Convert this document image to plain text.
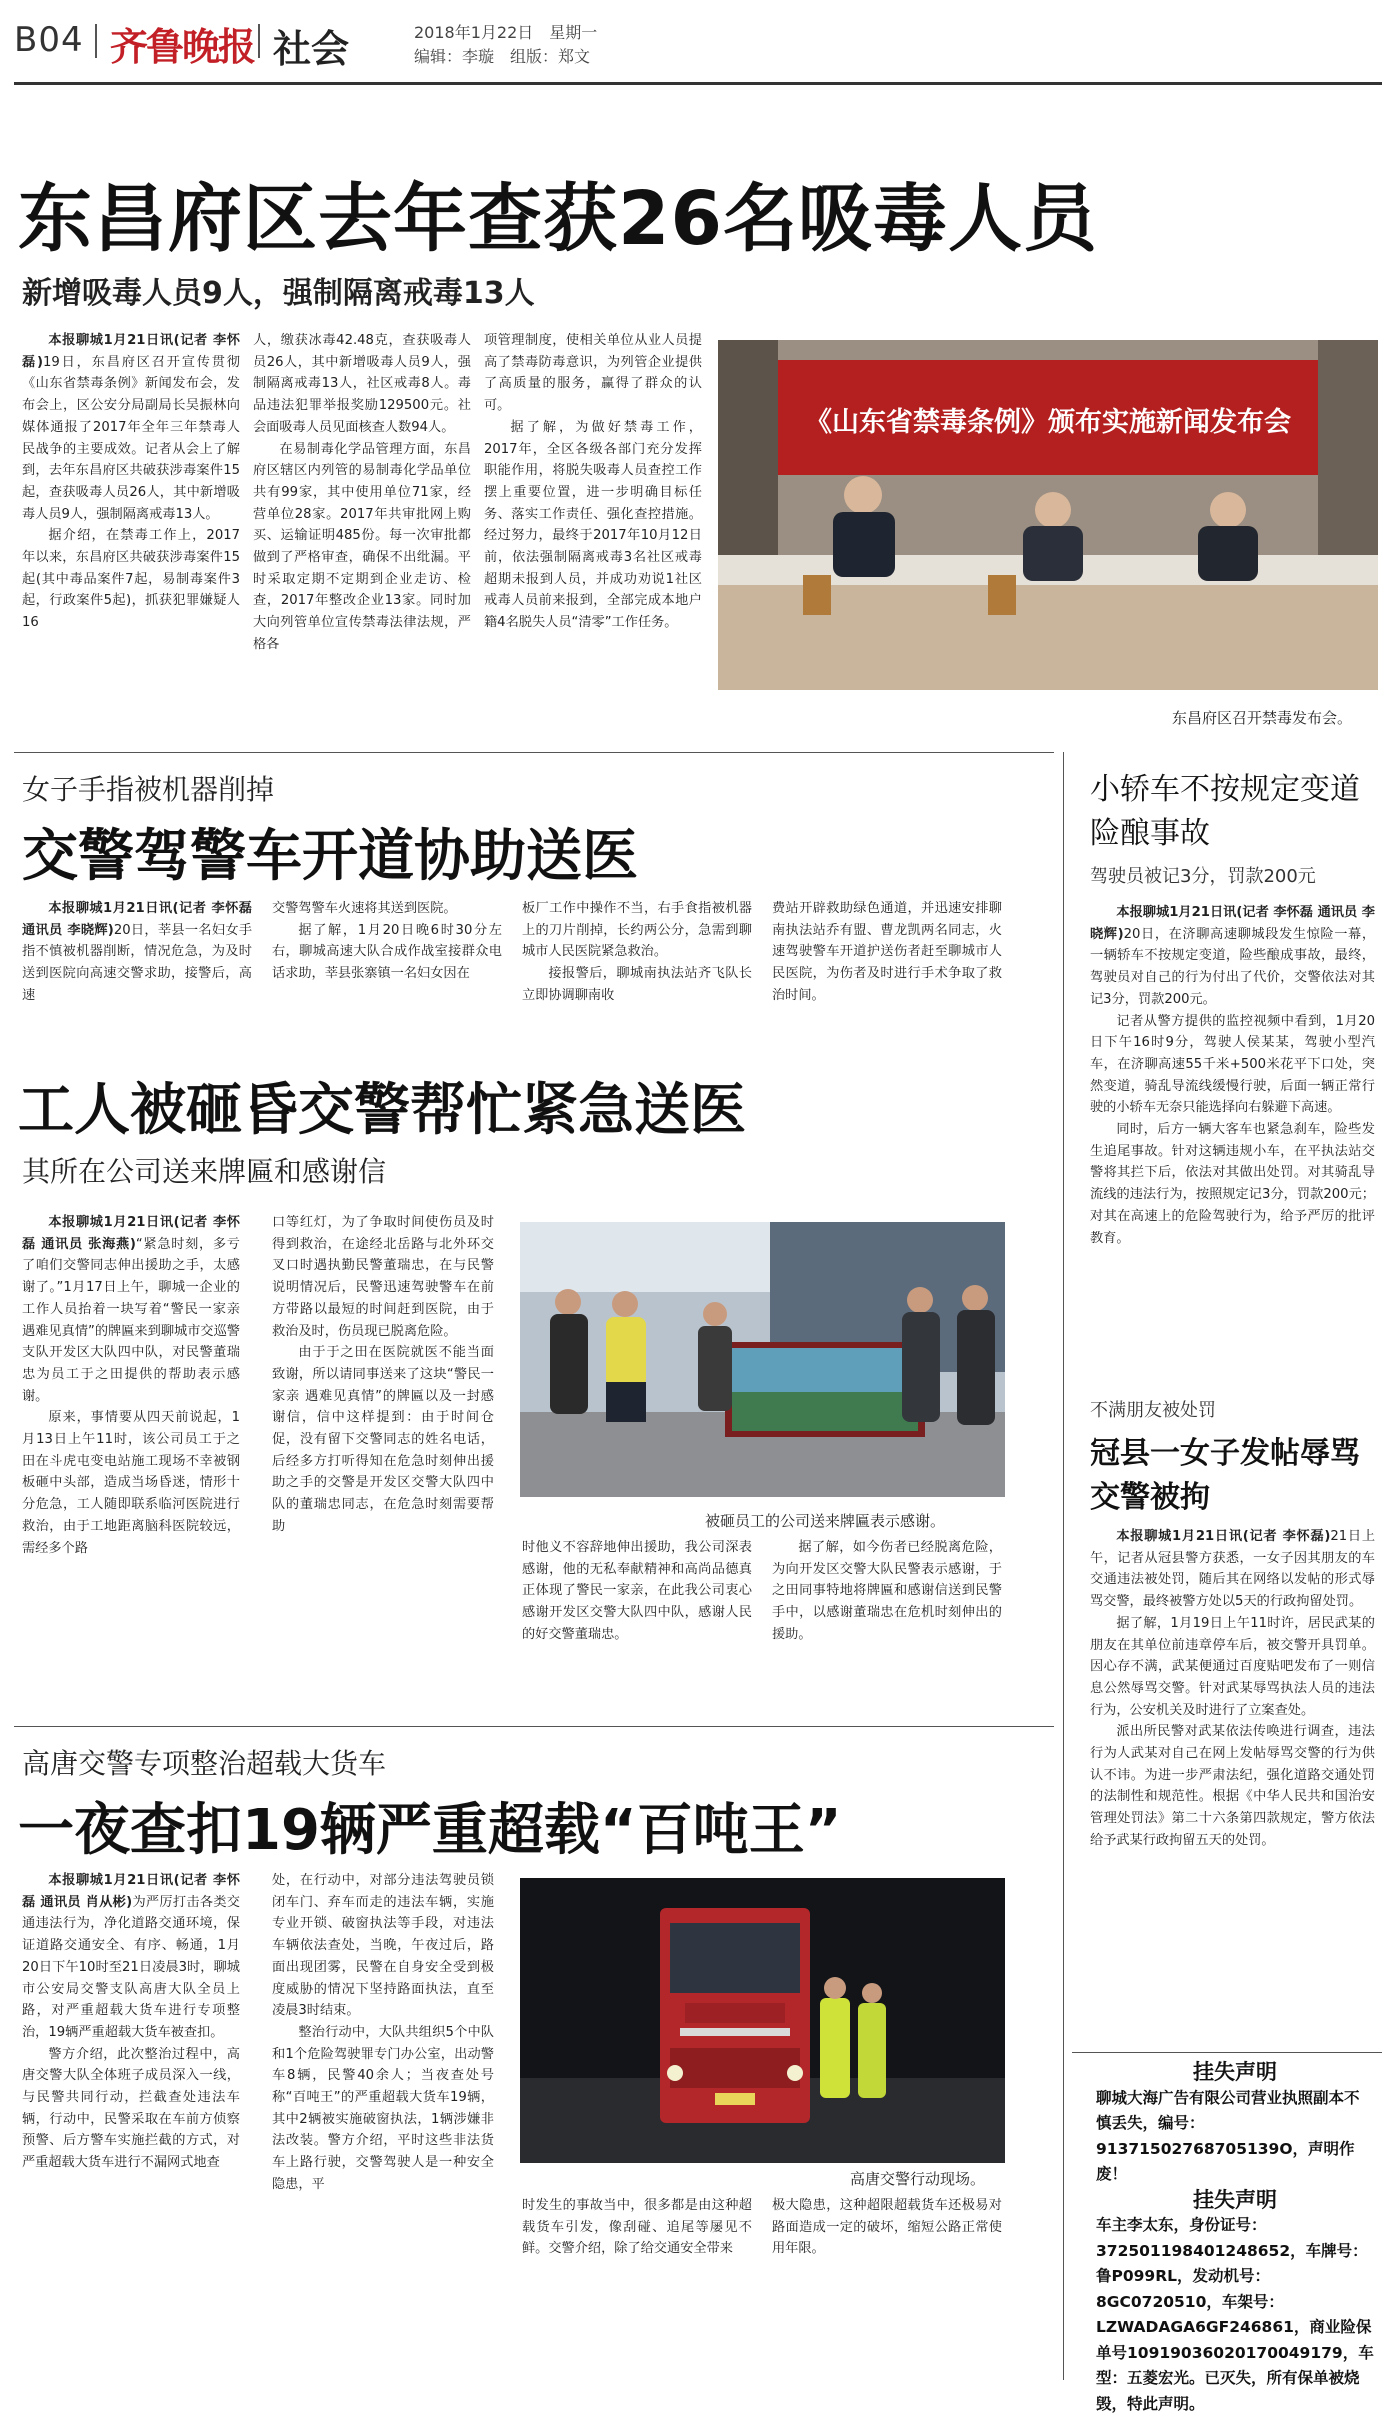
B04 齐鲁晚报 社会	2018年1月22日　星期一
编辑：李璇　组版：郑文
东昌府区去年查获26名吸毒人员
新增吸毒人员9人，强制隔离戒毒13人

本报聊城1月21日讯(记者 李怀磊)19日，东昌府区召开宣传贯彻《山东省禁毒条例》新闻发布会，发布会上，区公安分局副局长吴振林向媒体通报了2017年全年三年禁毒人民战争的主要成效。记者从会上了解到，去年东昌府区共破获涉毒案件15起，查获吸毒人员26人，其中新增吸毒人员9人，强制隔离戒毒13人。

据介绍，在禁毒工作上，2017年以来，东昌府区共破获涉毒案件15起(其中毒品案件7起，易制毒案件3起，行政案件5起)，抓获犯罪嫌疑人16

人，缴获冰毒42.48克，查获吸毒人员26人，其中新增吸毒人员9人，强制隔离戒毒13人，社区戒毒8人。毒品违法犯罪举报奖励129500元。社会面吸毒人员见面核查人数94人。

在易制毒化学品管理方面，东昌府区辖区内列管的易制毒化学品单位共有99家，其中使用单位71家，经营单位28家。2017年共审批网上购买、运输证明485份。每一次审批都做到了严格审查，确保不出纰漏。平时采取定期不定期到企业走访、检查，2017年整改企业13家。同时加大向列管单位宣传禁毒法律法规，严格各

项管理制度，使相关单位从业人员提高了禁毒防毒意识，为列管企业提供了高质量的服务，赢得了群众的认可。

据了解，为做好禁毒工作，2017年，全区各级各部门充分发挥职能作用，将脱失吸毒人员查控工作摆上重要位置，进一步明确目标任务、落实工作责任、强化查控措施。经过努力，最终于2017年10月12日前，依法强制隔离戒毒3名社区戒毒超期未报到人员，并成功劝说1社区戒毒人员前来报到，全部完成本地户籍4名脱失人员“清零”工作任务。

《山东省禁毒条例》颁布实施新闻发布会
东昌府区召开禁毒发布会。
女子手指被机器削掉
交警驾警车开道协助送医

本报聊城1月21日讯(记者 李怀磊 通讯员 李晓辉)20日，莘县一名妇女手指不慎被机器削断，情况危急，为及时送到医院向高速交警求助，接警后，高速

交警驾警车火速将其送到医院。

据了解，1月20日晚6时30分左右，聊城高速大队合成作战室接群众电话求助，莘县张寨镇一名妇女因在

板厂工作中操作不当，右手食指被机器上的刀片削掉，长约两公分，急需到聊城市人民医院紧急救治。

接报警后，聊城南执法站齐飞队长立即协调聊南收

费站开辟救助绿色通道，并迅速安排聊南执法站乔有盟、曹龙凯两名同志，火速驾驶警车开道护送伤者赶至聊城市人民医院，为伤者及时进行手术争取了救治时间。

工人被砸昏交警帮忙紧急送医
其所在公司送来牌匾和感谢信

本报聊城1月21日讯(记者 李怀磊 通讯员 张海燕)“紧急时刻，多亏了咱们交警同志伸出援助之手，太感谢了。”1月17日上午，聊城一企业的工作人员抬着一块写着“警民一家亲 遇难见真情”的牌匾来到聊城市交巡警支队开发区大队四中队，对民警董瑞忠为员工于之田提供的帮助表示感谢。

原来，事情要从四天前说起，1月13日上午11时，该公司员工于之田在斗虎屯变电站施工现场不幸被钢板砸中头部，造成当场昏迷，情形十分危急，工人随即联系临河医院进行救治，由于工地距离脑科医院较远，需经多个路

口等红灯，为了争取时间使伤员及时得到救治，在途经北岳路与北外环交叉口时遇执勤民警董瑞忠，在与民警说明情况后，民警迅速驾驶警车在前方带路以最短的时间赶到医院，由于救治及时，伤员现已脱离危险。

由于于之田在医院就医不能当面致谢，所以请同事送来了这块“警民一家亲 遇难见真情”的牌匾以及一封感谢信，信中这样提到：由于时间仓促，没有留下交警同志的姓名电话，后经多方打听得知在危急时刻伸出援助之手的交警是开发区交警大队四中队的董瑞忠同志，在危急时刻需要帮助	被砸员工的公司送来牌匾表示感谢。

时他义不容辞地伸出援助，我公司深表感谢，他的无私奉献精神和高尚品德真正体现了警民一家亲，在此我公司衷心感谢开发区交警大队四中队，感谢人民的好交警董瑞忠。

据了解，如今伤者已经脱离危险，为向开发区交警大队民警表示感谢，于之田同事特地将牌匾和感谢信送到民警手中，以感谢董瑞忠在危机时刻伸出的援助。

高唐交警专项整治超载大货车
一夜查扣19辆严重超载“百吨王”

本报聊城1月21日讯(记者 李怀磊 通讯员 肖从彬)为严厉打击各类交通违法行为，净化道路交通环境，保证道路交通安全、有序、畅通，1月20日下午10时至21日凌晨3时，聊城市公安局交警支队高唐大队全员上路，对严重超载大货车进行专项整治，19辆严重超载大货车被查扣。

警方介绍，此次整治过程中，高唐交警大队全体班子成员深入一线，与民警共同行动，拦截查处违法车辆，行动中，民警采取在车前方侦察预警、后方警车实施拦截的方式，对严重超载大货车进行不漏网式地查

处，在行动中，对部分违法驾驶员锁闭车门、弃车而走的违法车辆，实施专业开锁、破窗执法等手段，对违法车辆依法查处，当晚，午夜过后，路面出现团雾，民警在自身安全受到极度威胁的情况下坚持路面执法，直至凌晨3时结束。

整治行动中，大队共组织5个中队和1个危险驾驶罪专门办公室，出动警车8辆，民警40余人；当夜查处号称“百吨王”的严重超载大货车19辆，其中2辆被实施破窗执法，1辆涉嫌非法改装。警方介绍，平时这些非法货车上路行驶，交警驾驶人是一种安全隐患，平	高唐交警行动现场。

时发生的事故当中，很多都是由这种超载货车引发，像刮碰、追尾等屡见不鲜。交警介绍，除了给交通安全带来

极大隐患，这种超限超载货车还极易对路面造成一定的破坏，缩短公路正常使用年限。

小轿车不按规定变道险酿事故
驾驶员被记3分，罚款200元

本报聊城1月21日讯(记者 李怀磊 通讯员 李晓辉)20日，在济聊高速聊城段发生惊险一幕，一辆轿车不按规定变道，险些酿成事故，最终，驾驶员对自己的行为付出了代价，交警依法对其记3分，罚款200元。

记者从警方提供的监控视频中看到，1月20日下午16时9分，驾驶人侯某某，驾驶小型汽车，在济聊高速55千米+500米花平下口处，突然变道，骑乱导流线缓慢行驶，后面一辆正常行驶的小轿车无奈只能选择向右躲避下高速。

同时，后方一辆大客车也紧急刹车，险些发生追尾事故。针对这辆违规小车，在平执法站交警将其拦下后，依法对其做出处罚。对其骑乱导流线的违法行为，按照规定记3分，罚款200元；对其在高速上的危险驾驶行为，给予严厉的批评教育。

不满朋友被处罚
冠县一女子发帖辱骂交警被拘

本报聊城1月21日讯(记者 李怀磊)21日上午，记者从冠县警方获悉，一女子因其朋友的车交通违法被处罚，随后其在网络以发帖的形式辱骂交警，最终被警方处以5天的行政拘留处罚。

据了解，1月19日上午11时许，居民武某的朋友在其单位前违章停车后，被交警开具罚单。因心存不满，武某便通过百度贴吧发布了一则信息公然辱骂交警。针对武某辱骂执法人员的违法行为，公安机关及时进行了立案查处。

派出所民警对武某依法传唤进行调查，违法行为人武某对自己在网上发帖辱骂交警的行为供认不讳。为进一步严肃法纪，强化道路交通处罚的法制性和规范性。根据《中华人民共和国治安管理处罚法》第二十六条第四款规定，警方依法给予武某行政拘留五天的处罚。

挂失声明
聊城大海广告有限公司营业执照副本不慎丢失，编号：91371502768705139O，声明作废！
挂失声明
车主李太东，身份证号：372501198401248652，车牌号：鲁P099RL，发动机号：8GC0720510，车架号：LZWADAGA6GF246861，商业险保单号109190360201700491​79，车型：五菱宏光。已灭失，所有保单被烧毁，特此声明。
